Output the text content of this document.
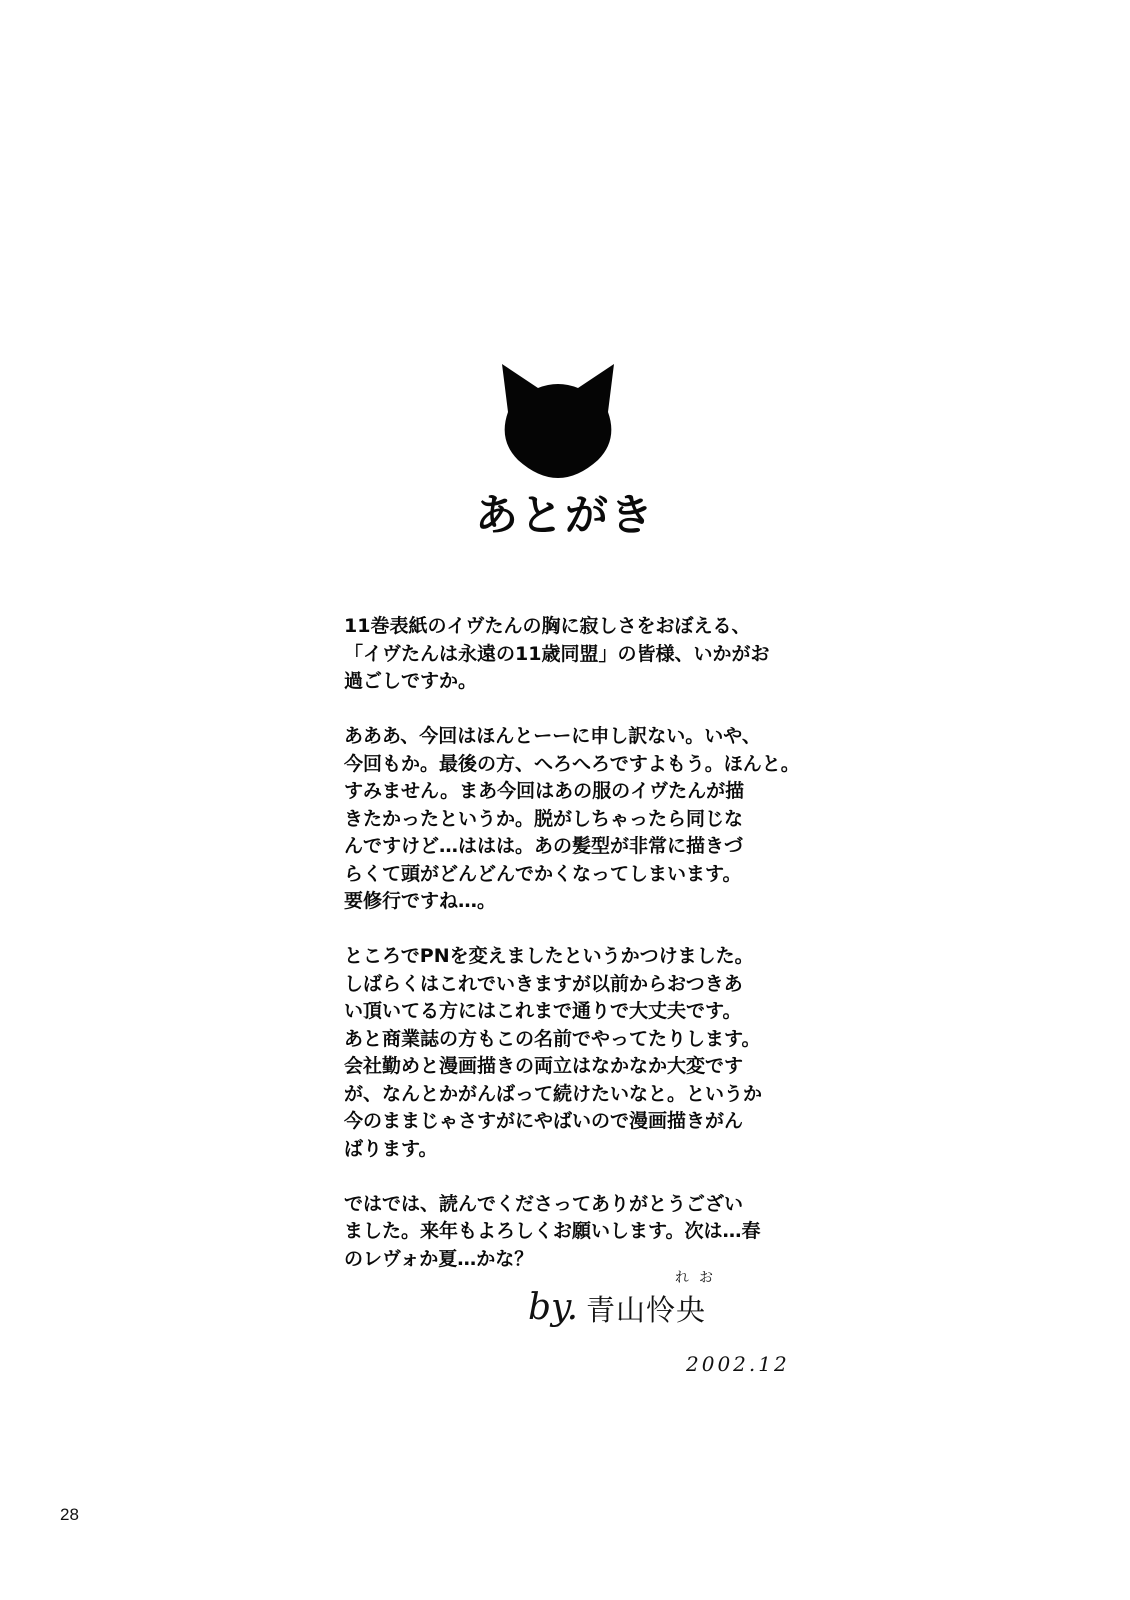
あとがき

11巻表紙のイヴたんの胸に寂しさをおぼえる、
「イヴたんは永遠の11歳同盟」の皆様、いかがお
過ごしですか。

あああ、今回はほんとーーに申し訳ない。いや、
今回もか。最後の方、へろへろですよもう。ほんと。
すみません。まあ今回はあの服のイヴたんが描
きたかったというか。脱がしちゃったら同じな
んですけど…ははは。あの髪型が非常に描きづ
らくて頭がどんどんでかくなってしまいます。
要修行ですね…。

ところでPNを変えましたというかつけました。
しばらくはこれでいきますが以前からおつきあ
い頂いてる方にはこれまで通りで大丈夫です。
あと商業誌の方もこの名前でやってたりします。
会社勤めと漫画描きの両立はなかなか大変です
が、なんとかがんばって続けたいなと。というか
今のままじゃさすがにやばいので漫画描きがん
ばります。

ではでは、読んでくださってありがとうござい
ました。来年もよろしくお願いします。次は…春
のレヴォか夏…かな？

by.
れお
青山怜央
2002.12
28
